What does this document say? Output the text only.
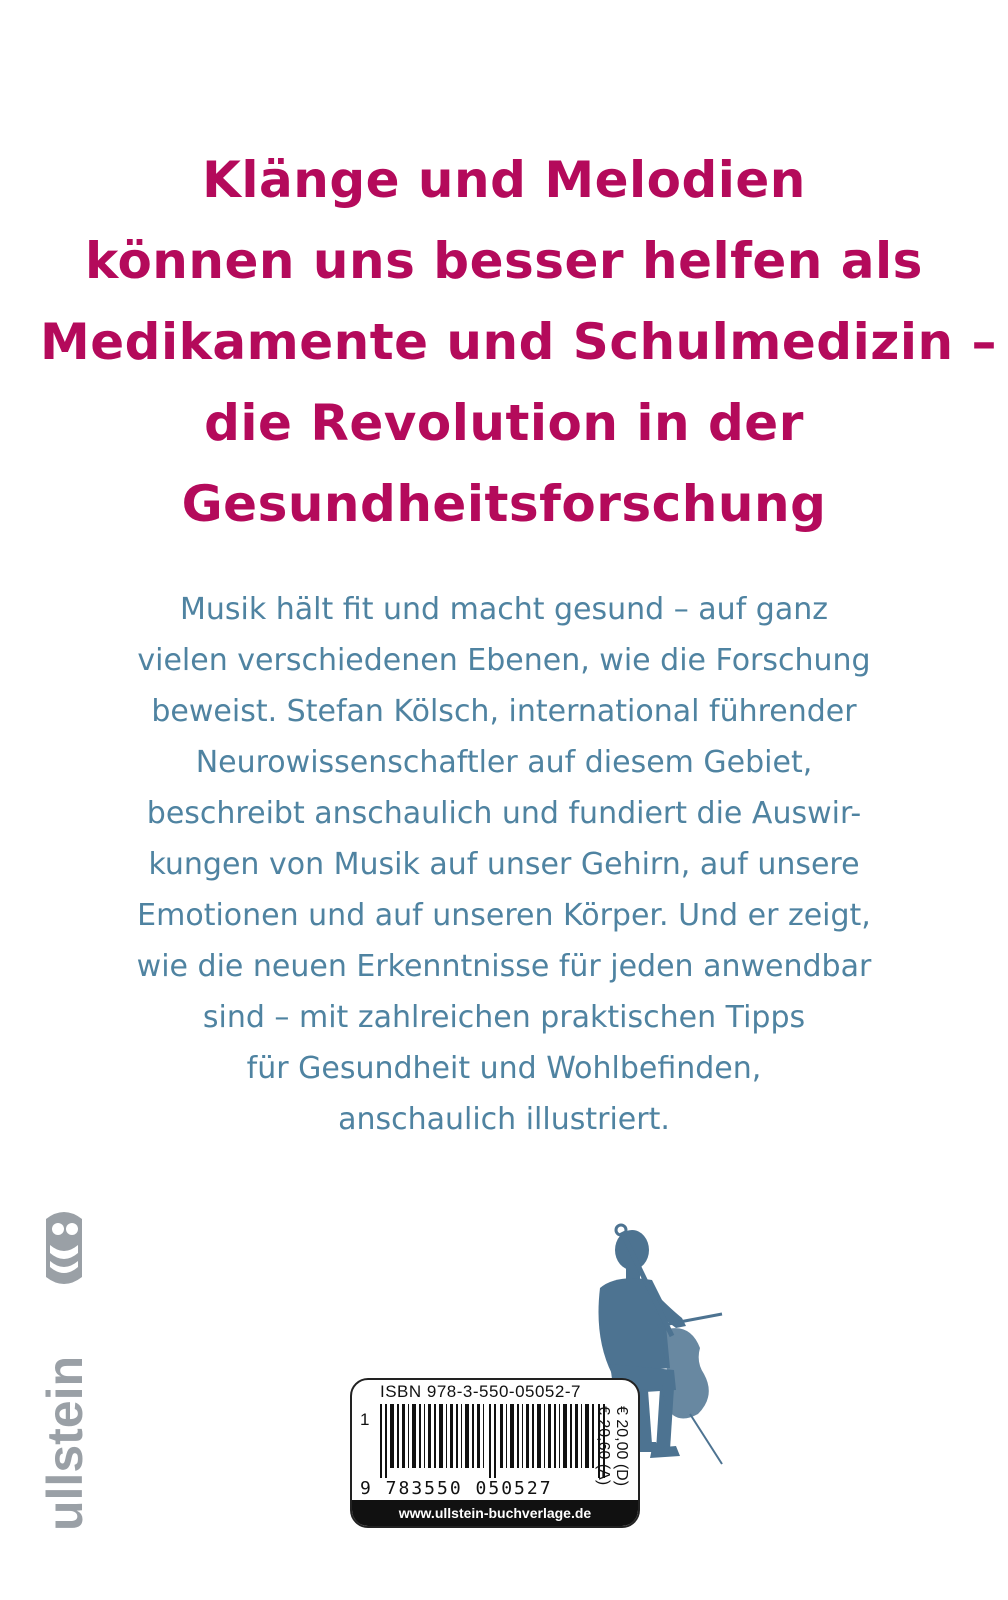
Klänge und Melodien
können uns besser helfen als
Medikamente und Schulmedizin –
die Revolution in der
Gesundheitsforschung
Musik hält fit und macht gesund – auf ganz
vielen verschiedenen Ebenen, wie die Forschung
beweist. Stefan Kölsch, international führender
Neurowissenschaftler auf diesem Gebiet,
beschreibt anschaulich und fundiert die Auswir-
kungen von Musik auf unser Gehirn, auf unsere
Emotionen und auf unseren Körper. Und er zeigt,
wie die neuen Erkenntnisse für jeden anwendbar
sind – mit zahlreichen praktischen Tipps
für Gesundheit und Wohlbefinden,
anschaulich illustriert.
ullstein	ISBN 978-3-550-05052-7
1
9 783550 050527
€ 20,00 (D)
€ 20,60 (A)
www.ullstein-buchverlage.de
